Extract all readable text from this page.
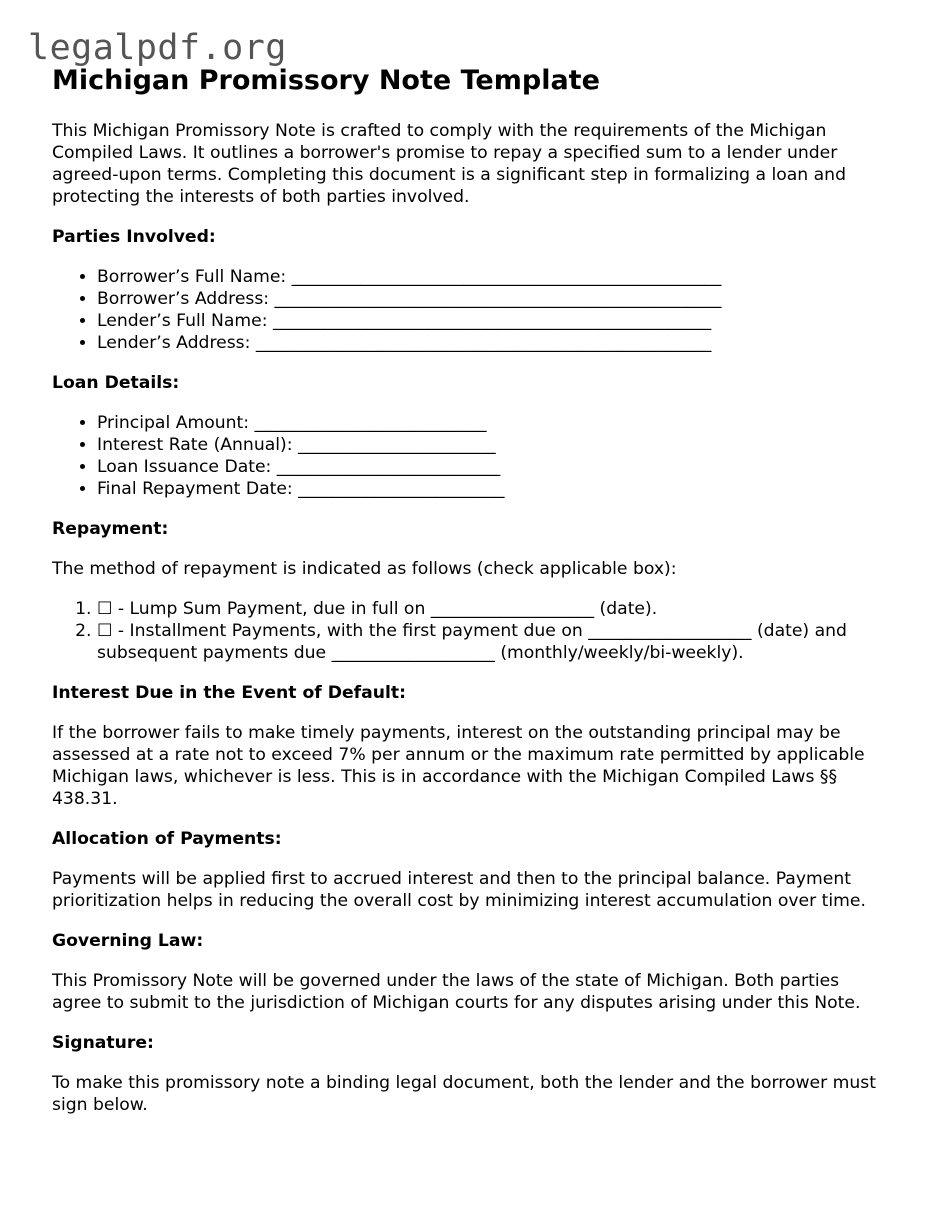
legalpdf.org
Michigan Promissory Note Template

This Michigan Promissory Note is crafted to comply with the requirements of the Michigan Compiled Laws. It outlines a borrower's promise to repay a specified sum to a lender under agreed-upon terms. Completing this document is a significant step in formalizing a loan and protecting the interests of both parties involved.

Parties Involved:
• Borrower’s Full Name: __________________________________________________
• Borrower’s Address: ____________________________________________________
• Lender’s Full Name: ___________________________________________________
• Lender’s Address: _____________________________________________________
Loan Details:
• Principal Amount: ___________________________
• Interest Rate (Annual): _______________________
• Loan Issuance Date: __________________________
• Final Repayment Date: ________________________
Repayment:

The method of repayment is indicated as follows (check applicable box):

1. ☐ - Lump Sum Payment, due in full on ___________________ (date).
2. ☐ - Installment Payments, with the first payment due on ___________________ (date) and subsequent payments due ___________________ (monthly/weekly/bi-weekly).
Interest Due in the Event of Default:

If the borrower fails to make timely payments, interest on the outstanding principal may be assessed at a rate not to exceed 7% per annum or the maximum rate permitted by applicable Michigan laws, whichever is less. This is in accordance with the Michigan Compiled Laws §§ 438.31.

Allocation of Payments:

Payments will be applied first to accrued interest and then to the principal balance. Payment prioritization helps in reducing the overall cost by minimizing interest accumulation over time.

Governing Law:

This Promissory Note will be governed under the laws of the state of Michigan. Both parties agree to submit to the jurisdiction of Michigan courts for any disputes arising under this Note.

Signature:

To make this promissory note a binding legal document, both the lender and the borrower must sign below.
